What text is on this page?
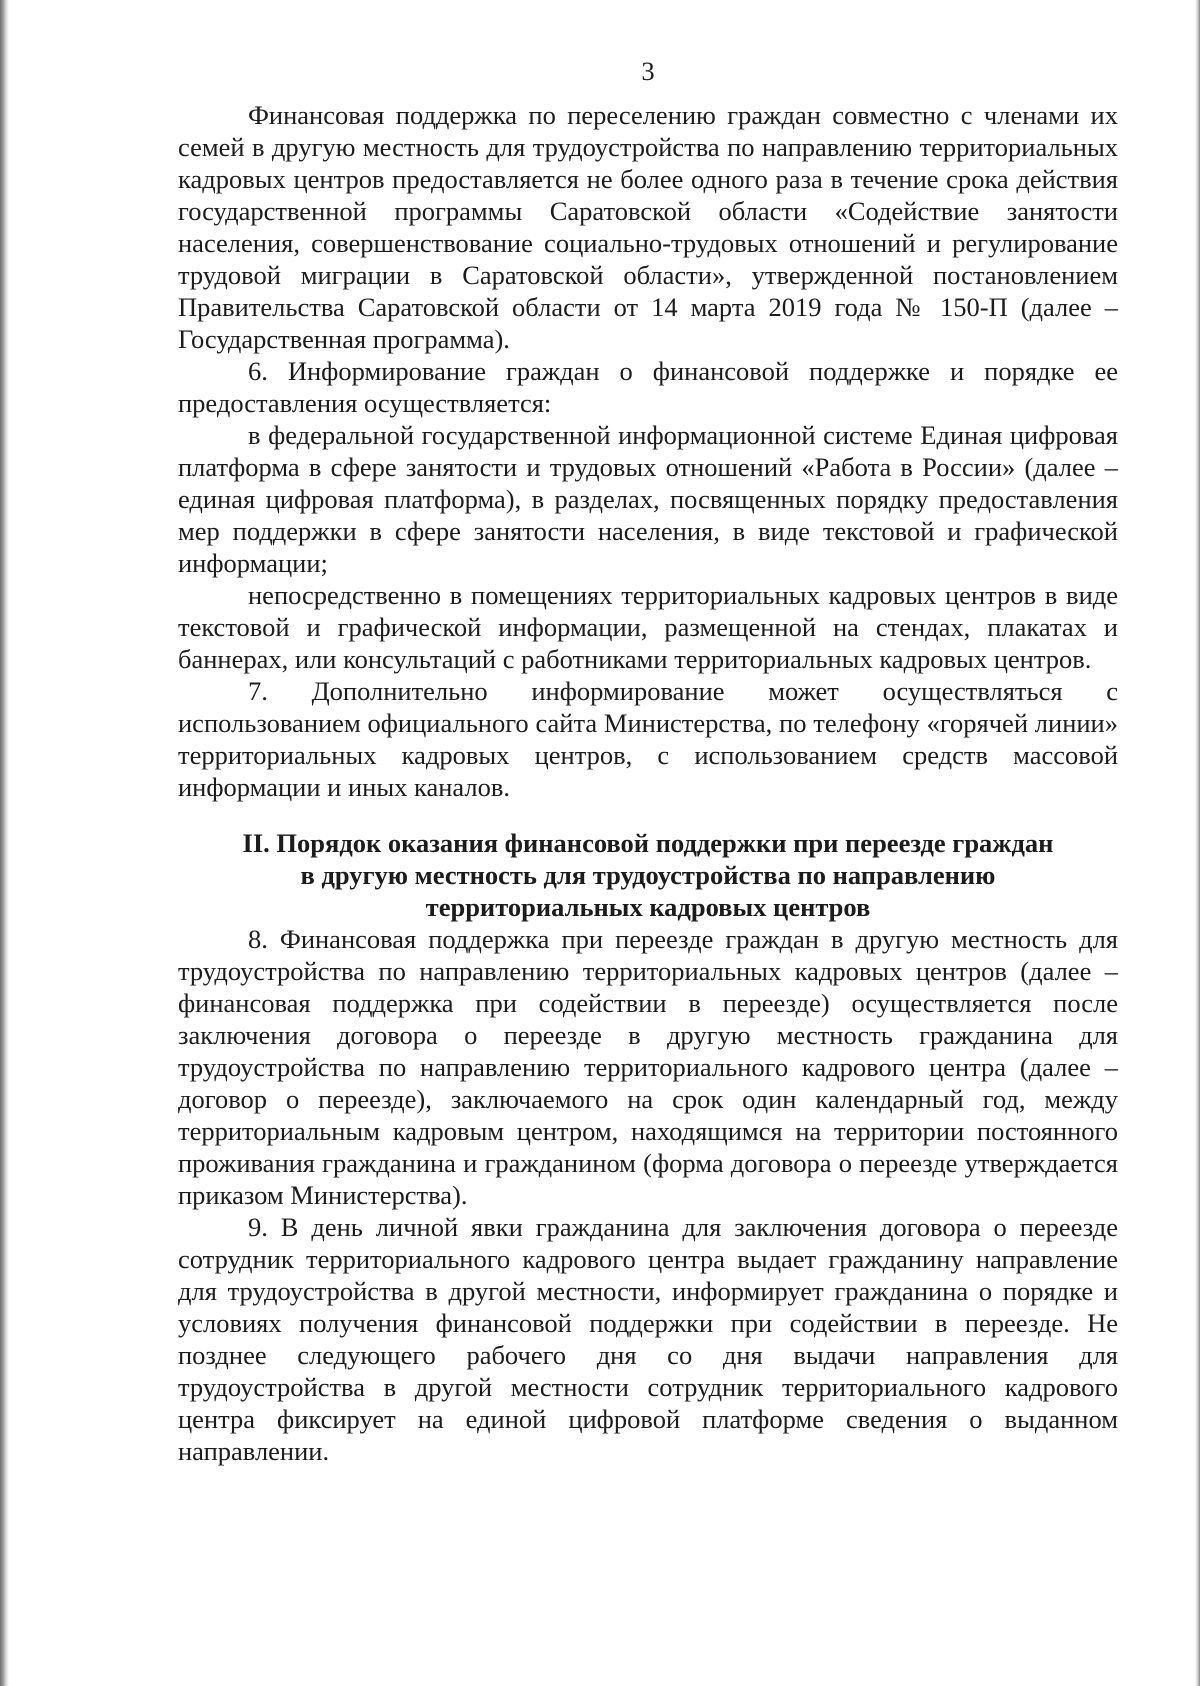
3

Финансовая поддержка по переселению граждан совместно с членами их семей в другую местность для трудоустройства по направлению территориальных кадровых центров предоставляется не более одного раза в течение срока действия государственной программы Саратовской области «Содействие занятости населения, совершенствование социально-трудовых отношений и регулирование трудовой миграции в Саратовской области», утвержденной постановлением Правительства Саратовской области от 14 марта 2019 года № 150-П (далее – Государственная программа).

6. Информирование граждан о финансовой поддержке и порядке ее предоставления осуществляется:

в федеральной государственной информационной системе Единая цифровая платформа в сфере занятости и трудовых отношений «Работа в России» (далее – единая цифровая платформа), в разделах, посвященных порядку предоставления мер поддержки в сфере занятости населения, в виде текстовой и графической информации;

непосредственно в помещениях территориальных кадровых центров в виде текстовой и графической информации, размещенной на стендах, плакатах и баннерах, или консультаций с работниками территориальных кадровых центров.

7. Дополнительно информирование может осуществляться с использованием официального сайта Министерства, по телефону «горячей линии» территориальных кадровых центров, с использованием средств массовой информации и иных каналов.

II. Порядок оказания финансовой поддержки при переезде граждан
в другую местность для трудоустройства по направлению
территориальных кадровых центров

8. Финансовая поддержка при переезде граждан в другую местность для трудоустройства по направлению территориальных кадровых центров (далее – финансовая поддержка при содействии в переезде) осуществляется после заключения договора о переезде в другую местность гражданина для трудоустройства по направлению территориального кадрового центра (далее – договор о переезде), заключаемого на срок один календарный год, между территориальным кадровым центром, находящимся на территории постоянного проживания гражданина и гражданином (форма договора о переезде утверждается приказом Министерства).

9. В день личной явки гражданина для заключения договора о переезде сотрудник территориального кадрового центра выдает гражданину направление для трудоустройства в другой местности, информирует гражданина о порядке и условиях получения финансовой поддержки при содействии в переезде. Не позднее следующего рабочего дня со дня выдачи направления для трудоустройства в другой местности сотрудник территориального кадрового центра фиксирует на единой цифровой платформе сведения о выданном направлении.
